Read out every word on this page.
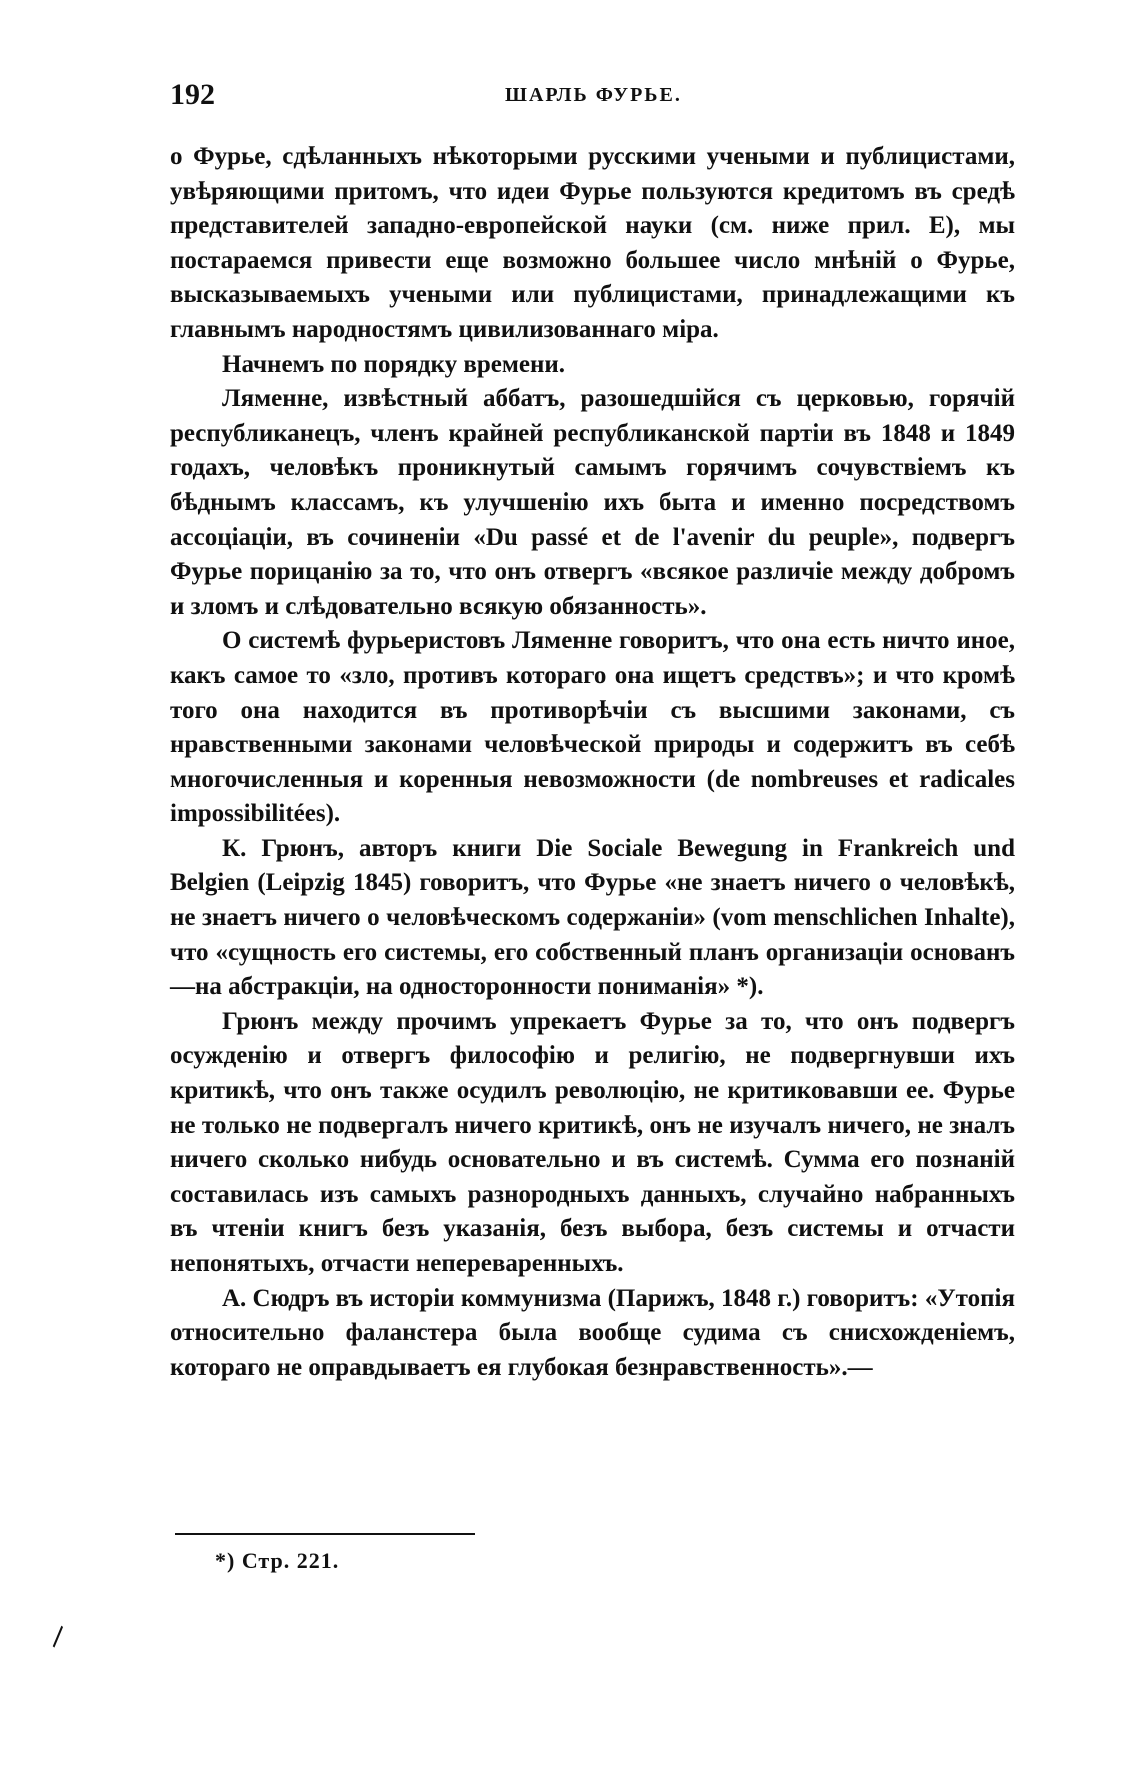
192	ШАРЛЬ ФУРЬЕ.

о Фурье, сдѣланныхъ нѣкоторыми русскими учеными и публицистами, увѣряющими притомъ, что идеи Фурье пользуются кредитомъ въ средѣ представителей западно-европейской науки (см. ниже прил. Е), мы постараемся привести еще возможно большее число мнѣній о Фурье, высказываемыхъ учеными или публицистами, принадлежащими къ главнымъ народностямъ цивилизованнаго міра.

Начнемъ по порядку времени.

Ляменне, извѣстный аббатъ, разошедшійся съ церковью, горячій республиканецъ, членъ крайней республиканской партіи въ 1848 и 1849 годахъ, человѣкъ проникнутый самымъ горячимъ сочувствіемъ къ бѣднымъ классамъ, къ улучшенію ихъ быта и именно посредствомъ ассоціаціи, въ сочиненіи «Du passé et de l'avenir du peuple», подвергъ Фурье порицанію за то, что онъ отвергъ «всякое различіе между добромъ и зломъ и слѣдовательно всякую обязанность».

О системѣ фурьеристовъ Ляменне говоритъ, что она есть ничто иное, какъ самое то «зло, противъ котораго она ищетъ средствъ»; и что кромѣ того она находится въ противорѣчіи съ высшими законами, съ нравственными законами человѣческой природы и содержитъ въ себѣ многочисленныя и коренныя невозможности (de nombreuses et radicales impossibilitées).

К. Грюнъ, авторъ книги Die Sociale Bewegung in Frankreich und Belgien (Leipzig 1845) говоритъ, что Фурье «не знаетъ ничего о человѣкѣ, не знаетъ ничего о человѣческомъ содержаніи» (vom menschlichen Inhalte), что «сущность его системы, его собственный планъ организаціи основанъ—на абстракціи, на односторонности пониманія» *).

Грюнъ между прочимъ упрекаетъ Фурье за то, что онъ подвергъ осужденію и отвергъ философію и религію, не подвергнувши ихъ критикѣ, что онъ также осудилъ революцію, не критиковавши ее. Фурье не только не подвергалъ ничего критикѣ, онъ не изучалъ ничего, не зналъ ничего сколько нибудь основательно и въ системѣ. Сумма его познаній составилась изъ самыхъ разнородныхъ данныхъ, случайно набранныхъ въ чтеніи книгъ безъ указанія, безъ выбора, безъ системы и отчасти непонятыхъ, отчасти непереваренныхъ.

А. Сюдръ въ исторіи коммунизма (Парижъ, 1848 г.) говоритъ: «Утопія относительно фаланстера была вообще судима съ снисхожденіемъ, котораго не оправдываетъ ея глубокая безнравственность».—

*) Стр. 221.
∖
